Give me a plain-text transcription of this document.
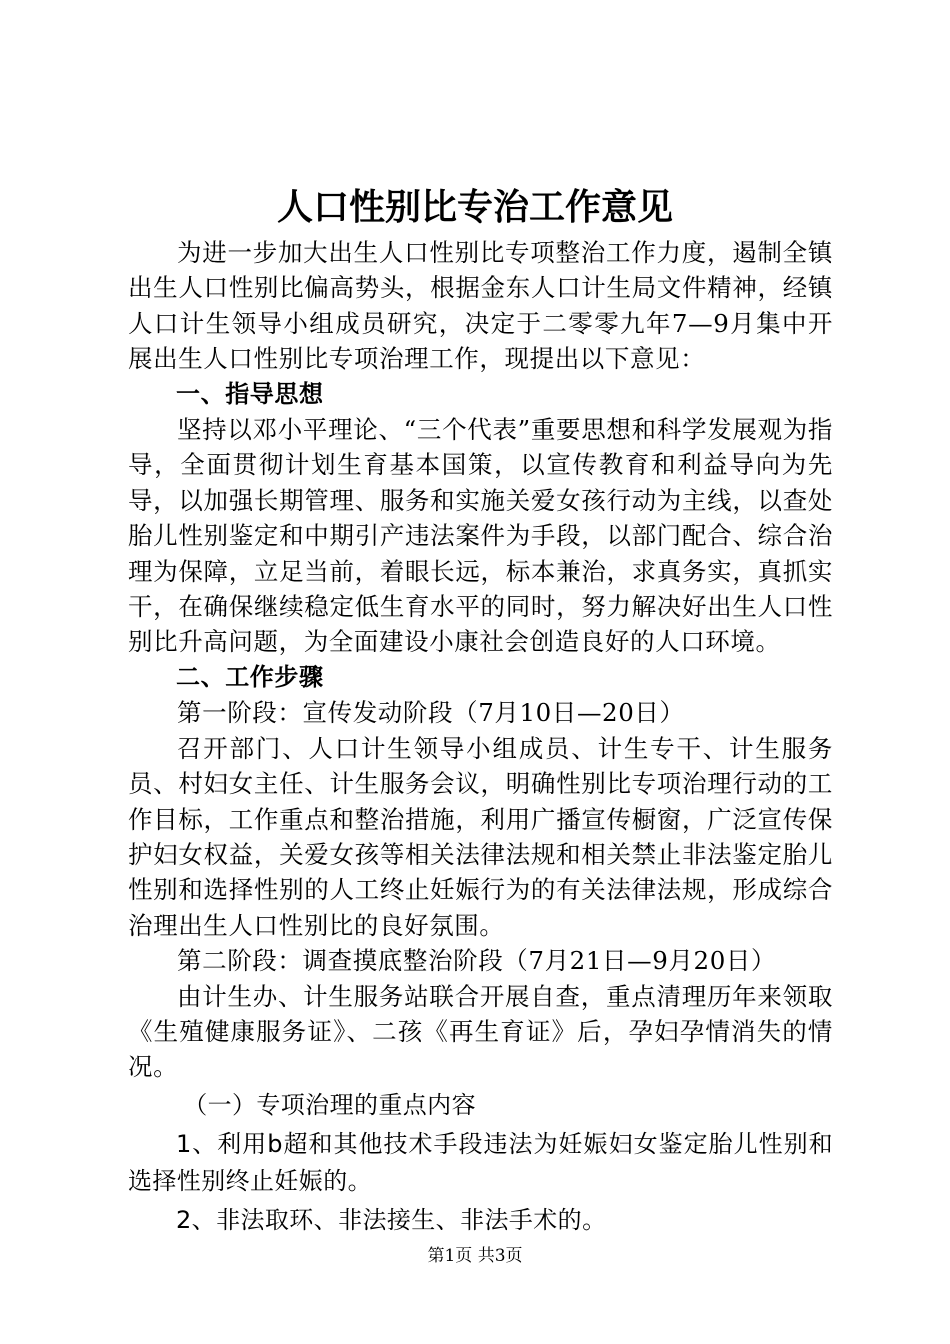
人口性别比专治工作意见

为进一步加大出生人口性别比专项整治工作力度，遏制全镇出生人口性别比偏高势头，根据金东人口计生局文件精神，经镇人口计生领导小组成员研究，决定于二零零九年7—9月集中开展出生人口性别比专项治理工作，现提出以下意见：

一、指导思想

坚持以邓小平理论、“三个代表”重要思想和科学发展观为指导，全面贯彻计划生育基本国策，以宣传教育和利益导向为先导，以加强长期管理、服务和实施关爱女孩行动为主线，以查处胎儿性别鉴定和中期引产违法案件为手段，以部门配合、综合治理为保障，立足当前，着眼长远，标本兼治，求真务实，真抓实干，在确保继续稳定低生育水平的同时，努力解决好出生人口性别比升高问题，为全面建设小康社会创造良好的人口环境。

二、工作步骤

第一阶段：宣传发动阶段（7月10日—20日）

召开部门、人口计生领导小组成员、计生专干、计生服务员、村妇女主任、计生服务会议，明确性别比专项治理行动的工作目标，工作重点和整治措施，利用广播宣传橱窗，广泛宣传保护妇女权益，关爱女孩等相关法律法规和相关禁止非法鉴定胎儿性别和选择性别的人工终止妊娠行为的有关法律法规，形成综合治理出生人口性别比的良好氛围。

第二阶段：调查摸底整治阶段（7月21日—9月20日）

由计生办、计生服务站联合开展自查，重点清理历年来领取《生殖健康服务证》、二孩《再生育证》后，孕妇孕情消失的情况。

（一）专项治理的重点内容

1、利用b超和其他技术手段违法为妊娠妇女鉴定胎儿性别和选择性别终止妊娠的。

2、非法取环、非法接生、非法手术的。

第1页 共3页
